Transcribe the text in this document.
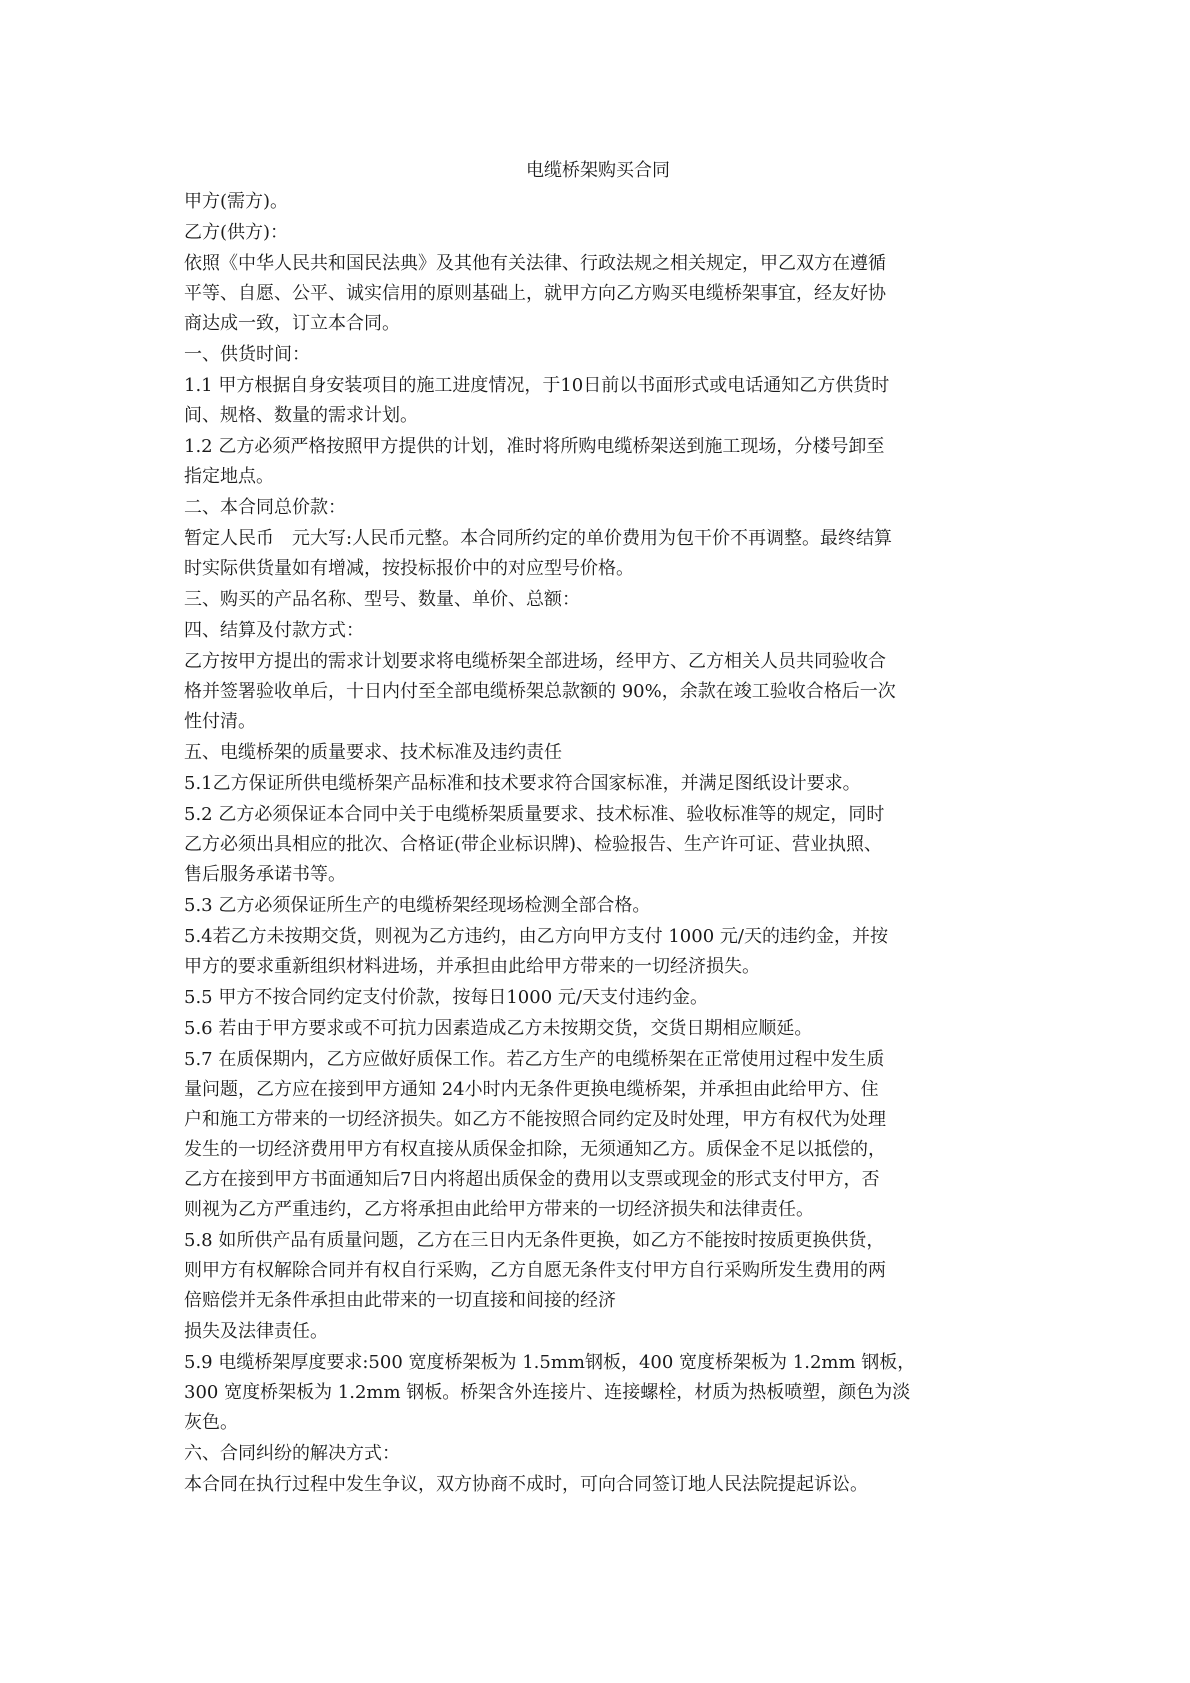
电缆桥架购买合同
甲方(需方)。
乙方(供方)：
依照《中华人民共和国民法典》及其他有关法律、行政法规之相关规定，甲乙双方在遵循
平等、自愿、公平、诚实信用的原则基础上，就甲方向乙方购买电缆桥架事宜，经友好协
商达成一致，订立本合同。
一、供货时间：
1.1 甲方根据自身安装项目的施工进度情况，于10日前以书面形式或电话通知乙方供货时
间、规格、数量的需求计划。
1.2 乙方必须严格按照甲方提供的计划，准时将所购电缆桥架送到施工现场，分楼号卸至
指定地点。
二、本合同总价款：
暂定人民币　元大写:人民币元整。本合同所约定的单价费用为包干价不再调整。最终结算
时实际供货量如有增减，按投标报价中的对应型号价格。
三、购买的产品名称、型号、数量、单价、总额：
四、结算及付款方式：
乙方按甲方提出的需求计划要求将电缆桥架全部进场，经甲方、乙方相关人员共同验收合
格并签署验收单后，十日内付至全部电缆桥架总款额的 90%，余款在竣工验收合格后一次
性付清。
五、电缆桥架的质量要求、技术标准及违约责任
5.1乙方保证所供电缆桥架产品标准和技术要求符合国家标准，并满足图纸设计要求。
5.2 乙方必须保证本合同中关于电缆桥架质量要求、技术标准、验收标准等的规定，同时
乙方必须出具相应的批次、合格证(带企业标识牌)、检验报告、生产许可证、营业执照、
售后服务承诺书等。
5.3 乙方必须保证所生产的电缆桥架经现场检测全部合格。
5.4若乙方未按期交货，则视为乙方违约，由乙方向甲方支付 1000 元/天的违约金，并按
甲方的要求重新组织材料进场，并承担由此给甲方带来的一切经济损失。
5.5 甲方不按合同约定支付价款，按每日1000 元/天支付违约金。
5.6 若由于甲方要求或不可抗力因素造成乙方未按期交货，交货日期相应顺延。
5.7 在质保期内，乙方应做好质保工作。若乙方生产的电缆桥架在正常使用过程中发生质
量问题，乙方应在接到甲方通知 24小时内无条件更换电缆桥架，并承担由此给甲方、住
户和施工方带来的一切经济损失。如乙方不能按照合同约定及时处理，甲方有权代为处理
发生的一切经济费用甲方有权直接从质保金扣除，无须通知乙方。质保金不足以抵偿的，
乙方在接到甲方书面通知后7日内将超出质保金的费用以支票或现金的形式支付甲方，否
则视为乙方严重违约，乙方将承担由此给甲方带来的一切经济损失和法律责任。
5.8 如所供产品有质量问题，乙方在三日内无条件更换，如乙方不能按时按质更换供货，
则甲方有权解除合同并有权自行采购，乙方自愿无条件支付甲方自行采购所发生费用的两
倍赔偿并无条件承担由此带来的一切直接和间接的经济
损失及法律责任。
5.9 电缆桥架厚度要求:500 宽度桥架板为 1.5mm钢板，400 宽度桥架板为 1.2mm 钢板，
300 宽度桥架板为 1.2mm 钢板。桥架含外连接片、连接螺栓，材质为热板喷塑，颜色为淡
灰色。
六、合同纠纷的解决方式：
本合同在执行过程中发生争议，双方协商不成时，可向合同签订地人民法院提起诉讼。
